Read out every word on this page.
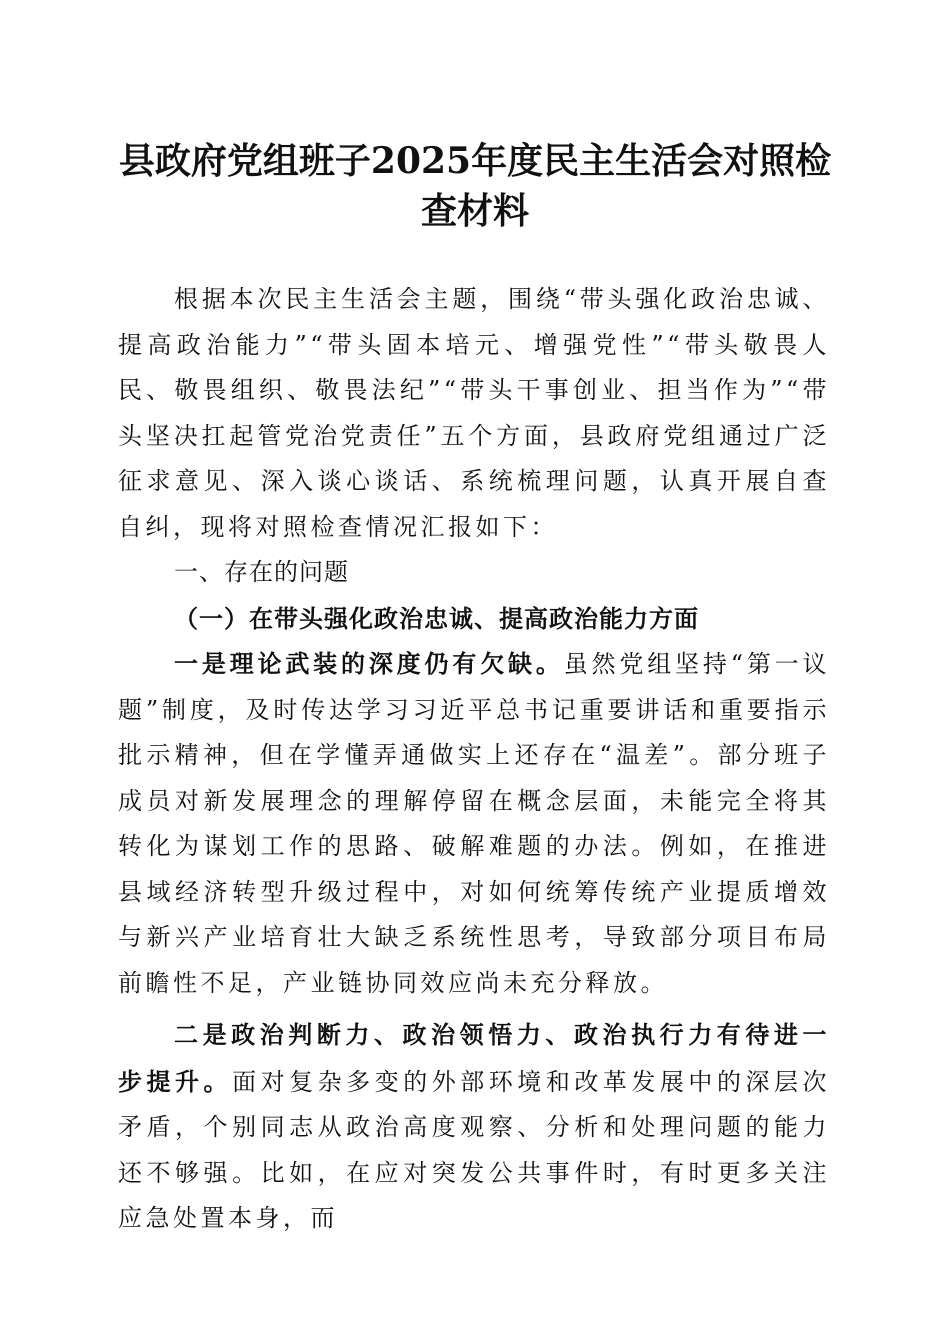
县政府党组班子2025年度民主生活会对照检查材料

根据本次民主生活会主题，围绕“带头强化政治忠诚、提高政治能力”“带头固本培元、增强党性”“带头敬畏人民、敬畏组织、敬畏法纪”“带头干事创业、担当作为”“带头坚决扛起管党治党责任”五个方面，县政府党组通过广泛征求意见、深入谈心谈话、系统梳理问题，认真开展自查自纠，现将对照检查情况汇报如下：

一、存在的问题

（一）在带头强化政治忠诚、提高政治能力方面

一是理论武装的深度仍有欠缺。虽然党组坚持“第一议题”制度，及时传达学习习近平总书记重要讲话和重要指示批示精神，但在学懂弄通做实上还存在“温差”。部分班子成员对新发展理念的理解停留在概念层面，未能完全将其转化为谋划工作的思路、破解难题的办法。例如，在推进县域经济转型升级过程中，对如何统筹传统产业提质增效与新兴产业培育壮大缺乏系统性思考，导致部分项目布局前瞻性不足，产业链协同效应尚未充分释放。

二是政治判断力、政治领悟力、政治执行力有待进一步提升。面对复杂多变的外部环境和改革发展中的深层次矛盾，个别同志从政治高度观察、分析和处理问题的能力还不够强。比如，在应对突发公共事件时，有时更多关注应急处置本身，而
